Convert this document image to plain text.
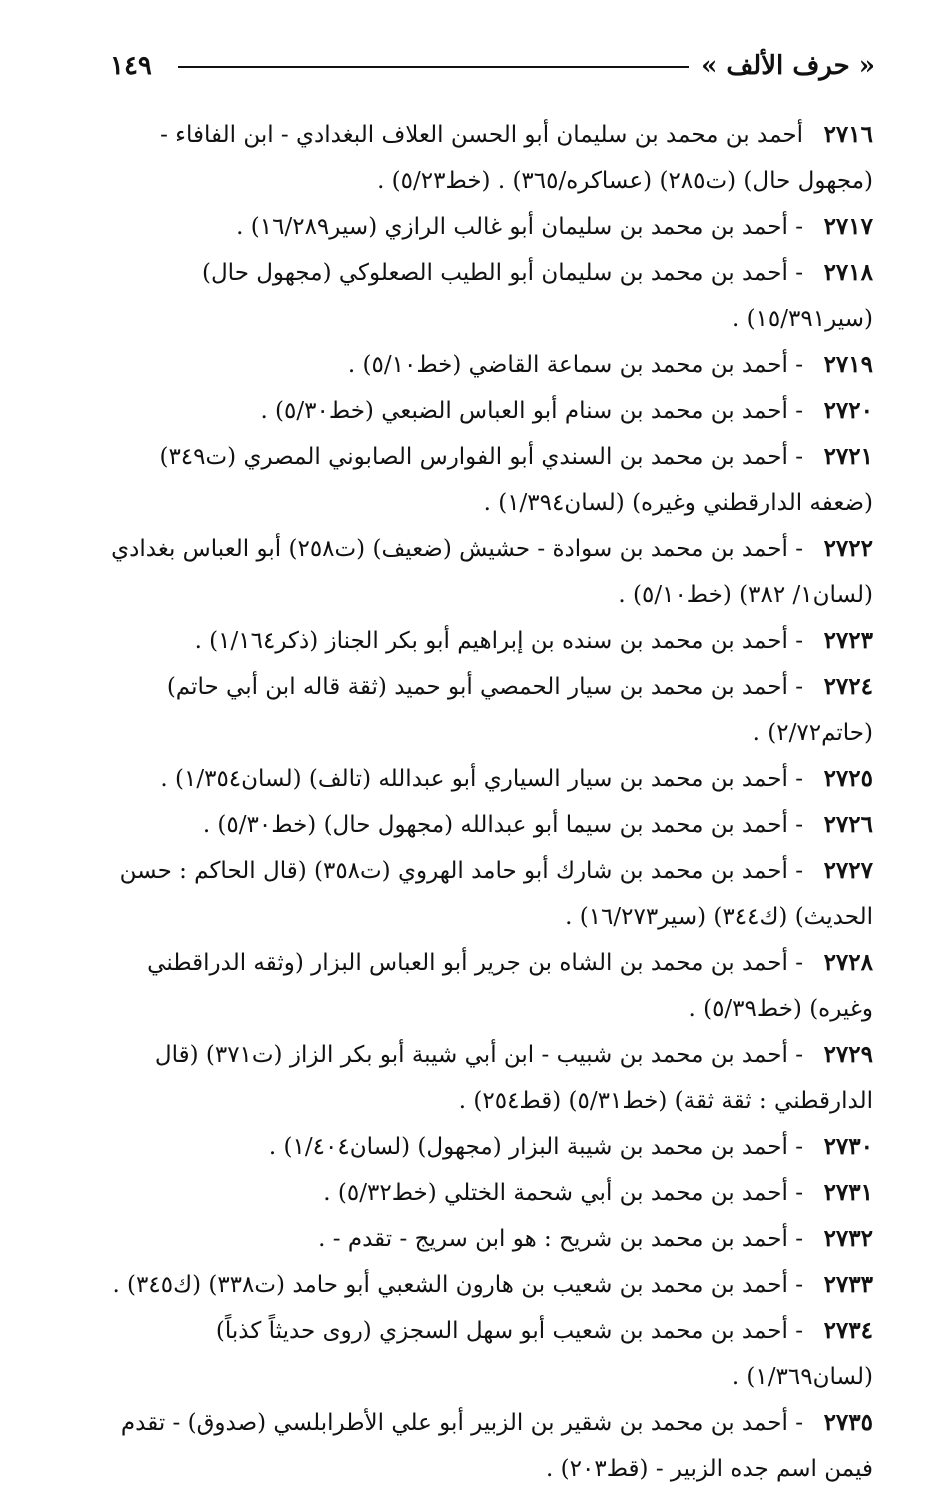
« حرف الألف »
١٤٩
٢٧١٦أحمد بن محمد بن سليمان أبو الحسن العلاف البغدادي - ابن الفافاء - (مجهول حال) (ت٢٨٥) (عساكره/٣٦٥) . (خط٥/٢٣) .
٢٧١٧- أحمد بن محمد بن سليمان أبو غالب الرازي (سير١٦/٢٨٩) .
٢٧١٨- أحمد بن محمد بن سليمان أبو الطيب الصعلوكي (مجهول حال) (سير١٥/٣٩١) .
٢٧١٩- أحمد بن محمد بن سماعة القاضي (خط٥/١٠) .
٢٧٢٠- أحمد بن محمد بن سنام أبو العباس الضبعي (خط٥/٣٠) .
٢٧٢١- أحمد بن محمد بن السندي أبو الفوارس الصابوني المصري (ت٣٤٩) (ضعفه الدارقطني وغيره) (لسان١/٣٩٤) .
٢٧٢٢- أحمد بن محمد بن سوادة - حشيش (ضعيف) (ت٢٥٨) أبو العباس بغدادي (لسان١/ ٣٨٢) (خط٥/١٠) .
٢٧٢٣- أحمد بن محمد بن سنده بن إبراهيم أبو بكر الجناز (ذكر١/١٦٤) .
٢٧٢٤- أحمد بن محمد بن سيار الحمصي أبو حميد (ثقة قاله ابن أبي حاتم) (حاتم٢/٧٢) .
٢٧٢٥- أحمد بن محمد بن سيار السياري أبو عبدالله (تالف) (لسان١/٣٥٤) .
٢٧٢٦- أحمد بن محمد بن سيما أبو عبدالله (مجهول حال) (خط٥/٣٠) .
٢٧٢٧- أحمد بن محمد بن شارك أبو حامد الهروي (ت٣٥٨) (قال الحاكم : حسن الحديث) (ك٣٤٤) (سير١٦/٢٧٣) .
٢٧٢٨- أحمد بن محمد بن الشاه بن جرير أبو العباس البزار (وثقه الدراقطني وغيره) (خط٥/٣٩) .
٢٧٢٩- أحمد بن محمد بن شبيب - ابن أبي شيبة أبو بكر الزاز (ت٣٧١) (قال الدارقطني : ثقة ثقة) (خط٥/٣١) (قط٢٥٤) .
٢٧٣٠- أحمد بن محمد بن شيبة البزار (مجهول) (لسان١/٤٠٤) .
٢٧٣١- أحمد بن محمد بن أبي شحمة الختلي (خط٥/٣٢) .
٢٧٣٢- أحمد بن محمد بن شريح : هو ابن سريج - تقدم - .
٢٧٣٣- أحمد بن محمد بن شعيب بن هارون الشعبي أبو حامد (ت٣٣٨) (ك٣٤٥) .
٢٧٣٤- أحمد بن محمد بن شعيب أبو سهل السجزي (روى حديثاً كذباً) (لسان١/٣٦٩) .
٢٧٣٥- أحمد بن محمد بن شقير بن الزبير أبو علي الأطرابلسي (صدوق) - تقدم فيمن اسم جده الزبير - (قط٢٠٣) .
